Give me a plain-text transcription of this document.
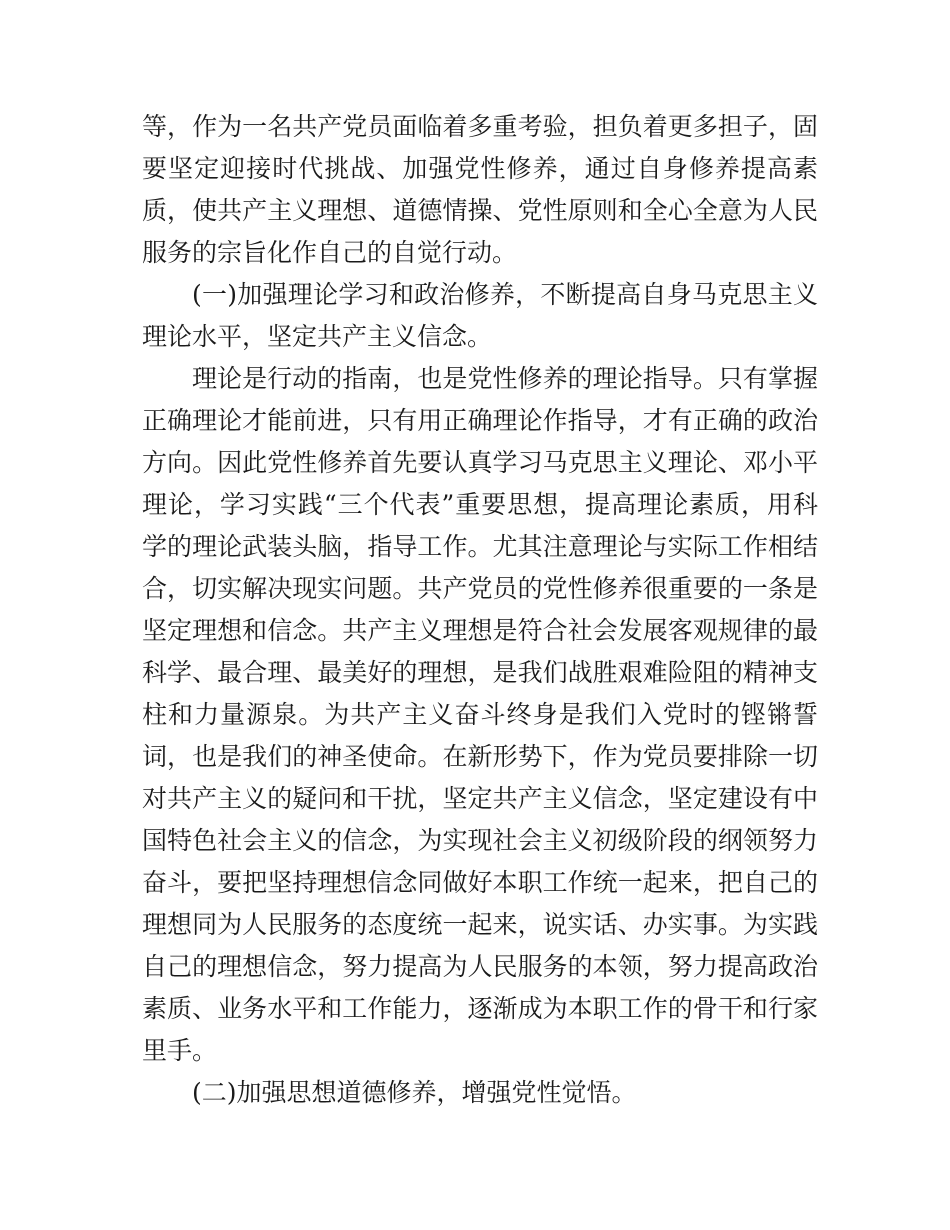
等，作为一名共产党员面临着多重考验，担负着更多担子，固
要坚定迎接时代挑战、加强党性修养，通过自身修养提高素
质，使共产主义理想、道德情操、党性原则和全心全意为人民
服务的宗旨化作自己的自觉行动。
(一)加强理论学习和政治修养，不断提高自身马克思主义
理论水平，坚定共产主义信念。
理论是行动的指南，也是党性修养的理论指导。只有掌握
正确理论才能前进，只有用正确理论作指导，才有正确的政治
方向。因此党性修养首先要认真学习马克思主义理论、邓小平
理论，学习实践“三个代表”重要思想，提高理论素质，用科
学的理论武装头脑，指导工作。尤其注意理论与实际工作相结
合，切实解决现实问题。共产党员的党性修养很重要的一条是
坚定理想和信念。共产主义理想是符合社会发展客观规律的最
科学、最合理、最美好的理想，是我们战胜艰难险阻的精神支
柱和力量源泉。为共产主义奋斗终身是我们入党时的铿锵誓
词，也是我们的神圣使命。在新形势下，作为党员要排除一切
对共产主义的疑问和干扰，坚定共产主义信念，坚定建设有中
国特色社会主义的信念，为实现社会主义初级阶段的纲领努力
奋斗，要把坚持理想信念同做好本职工作统一起来，把自己的
理想同为人民服务的态度统一起来，说实话、办实事。为实践
自己的理想信念，努力提高为人民服务的本领，努力提高政治
素质、业务水平和工作能力，逐渐成为本职工作的骨干和行家
里手。
(二)加强思想道德修养，增强党性觉悟。
